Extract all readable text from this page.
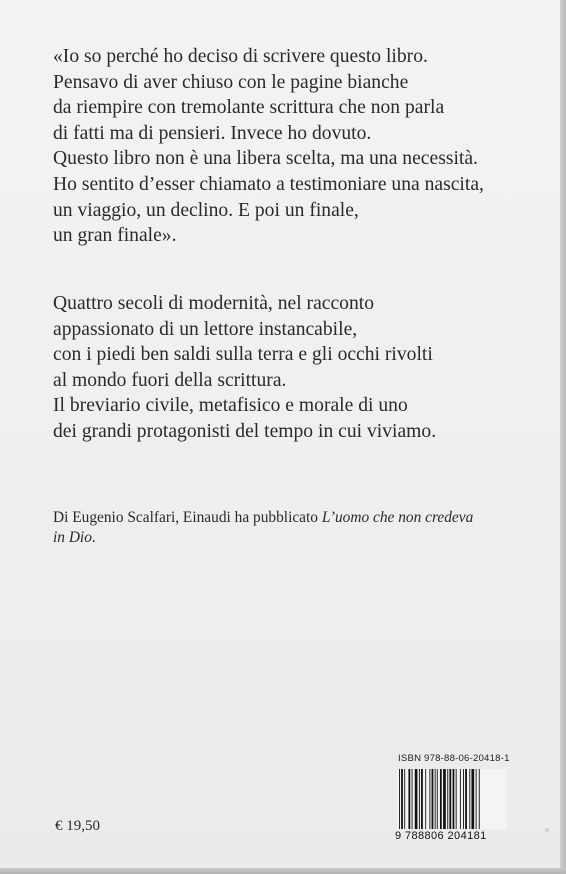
«Io so perché ho deciso di scrivere questo libro.

Pensavo di aver chiuso con le pagine bianche

da riempire con tremolante scrittura che non parla

di fatti ma di pensieri. Invece ho dovuto.

Questo libro non è una libera scelta, ma una necessità.

Ho sentito d’esser chiamato a testimoniare una nascita,

un viaggio, un declino. E poi un finale,

un gran finale».

Quattro secoli di modernità, nel racconto

appassionato di un lettore instancabile,

con i piedi ben saldi sulla terra e gli occhi rivolti

al mondo fuori della scrittura.

Il breviario civile, metafisico e morale di uno

dei grandi protagonisti del tempo in cui viviamo.

Di Eugenio Scalfari, Einaudi ha pubblicato L’uomo che non credeva

in Dio.

€ 19,50
ISBN 978-88-06-20418-1
9 788806 204181
